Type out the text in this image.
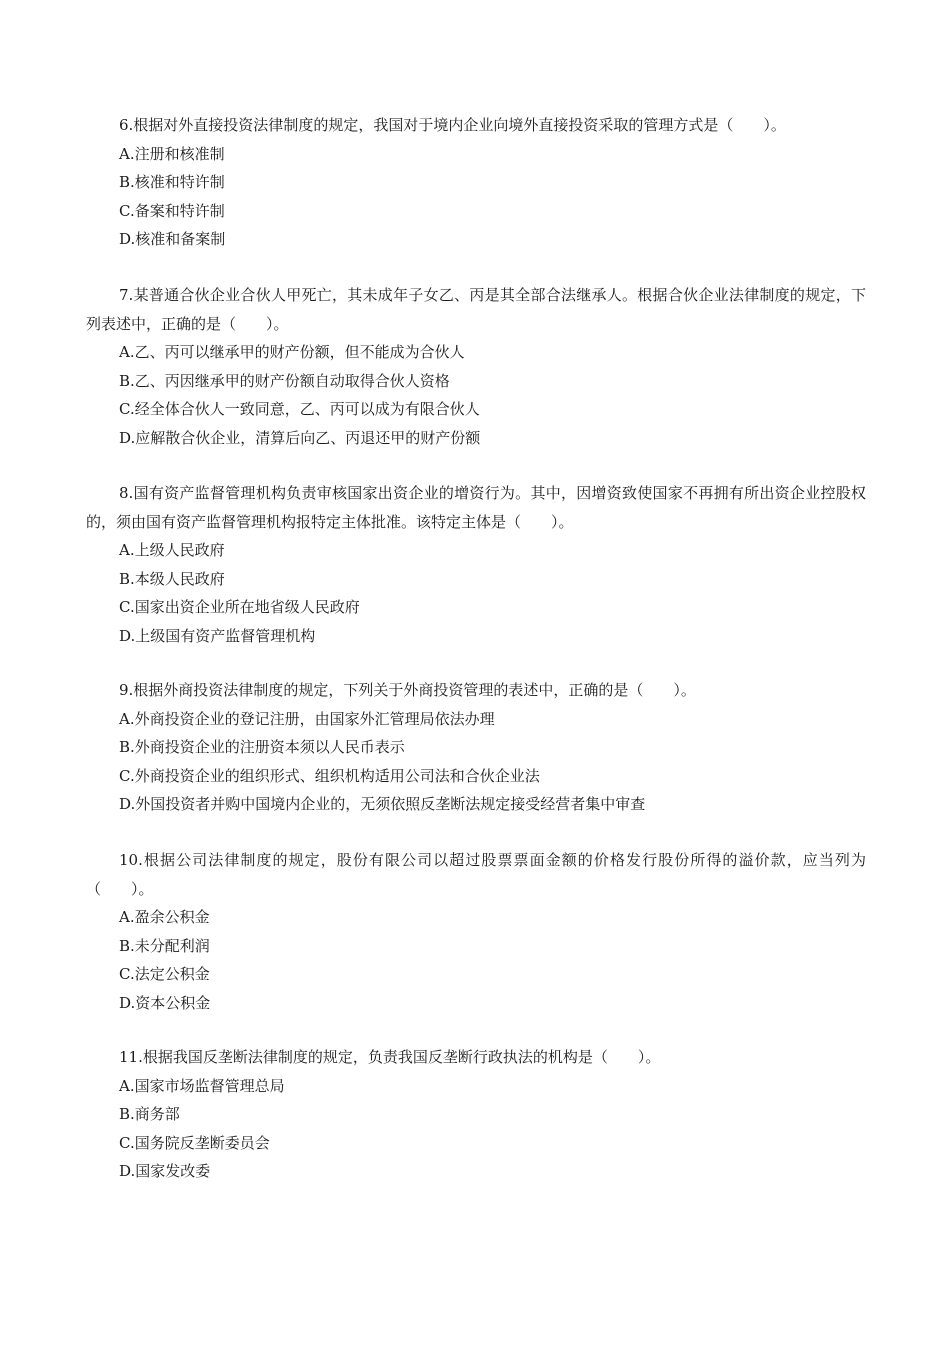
6.根据对外直接投资法律制度的规定，我国对于境内企业向境外直接投资采取的管理方式是（　　）。

A.注册和核准制

B.核准和特许制

C.备案和特许制

D.核准和备案制

7.某普通合伙企业合伙人甲死亡，其未成年子女乙、丙是其全部合法继承人。根据合伙企业法律制度的规定，下列表述中，正确的是（　　）。

A.乙、丙可以继承甲的财产份额，但不能成为合伙人

B.乙、丙因继承甲的财产份额自动取得合伙人资格

C.经全体合伙人一致同意，乙、丙可以成为有限合伙人

D.应解散合伙企业，清算后向乙、丙退还甲的财产份额

8.国有资产监督管理机构负责审核国家出资企业的增资行为。其中，因增资致使国家不再拥有所出资企业控股权的，须由国有资产监督管理机构报特定主体批准。该特定主体是（　　）。

A.上级人民政府

B.本级人民政府

C.国家出资企业所在地省级人民政府

D.上级国有资产监督管理机构

9.根据外商投资法律制度的规定，下列关于外商投资管理的表述中，正确的是（　　）。

A.外商投资企业的登记注册，由国家外汇管理局依法办理

B.外商投资企业的注册资本须以人民币表示

C.外商投资企业的组织形式、组织机构适用公司法和合伙企业法

D.外国投资者并购中国境内企业的，无须依照反垄断法规定接受经营者集中审查

10.根据公司法律制度的规定，股份有限公司以超过股票票面金额的价格发行股份所得的溢价款，应当列为（　　）。

A.盈余公积金

B.未分配利润

C.法定公积金

D.资本公积金

11.根据我国反垄断法律制度的规定，负责我国反垄断行政执法的机构是（　　）。

A.国家市场监督管理总局

B.商务部

C.国务院反垄断委员会

D.国家发改委
